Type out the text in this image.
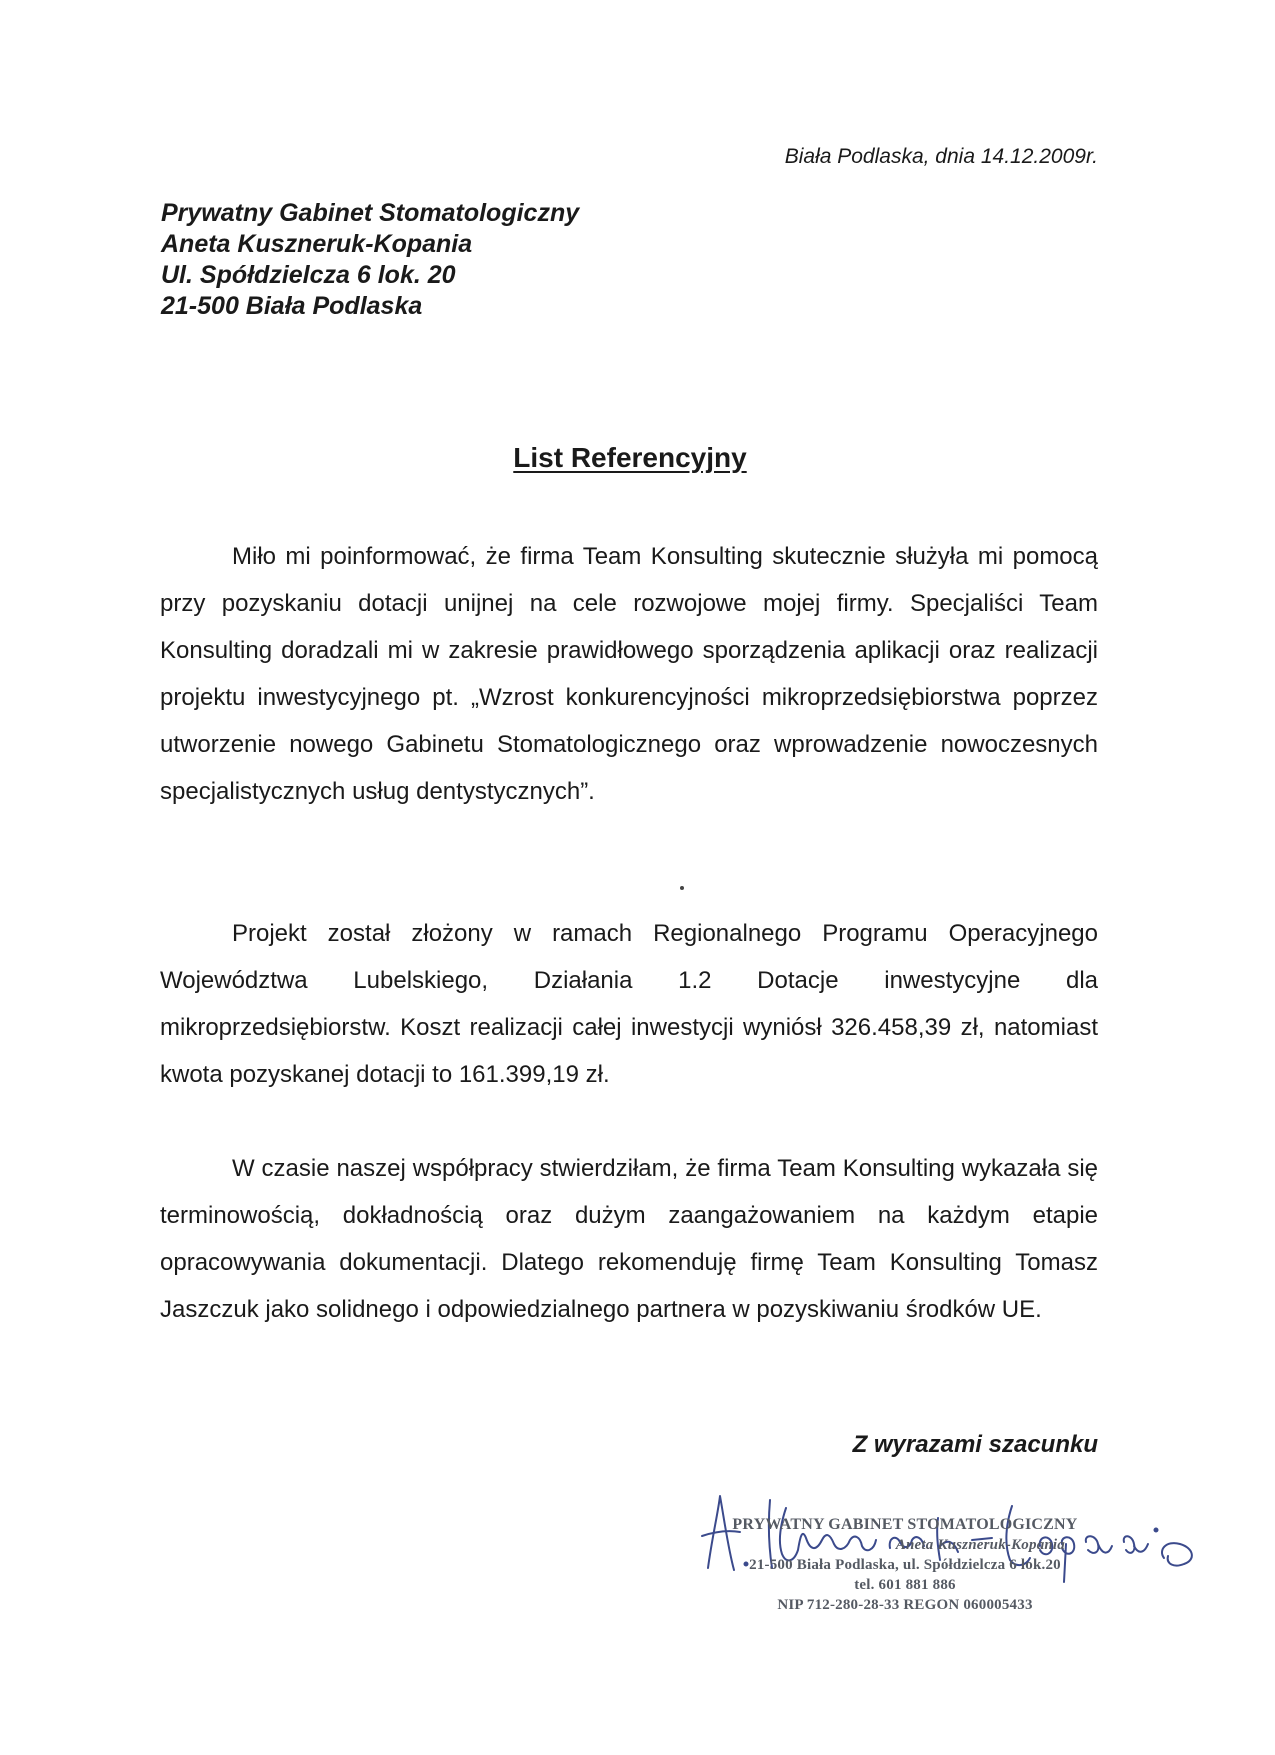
Biała Podlaska, dnia 14.12.2009r.
Prywatny Gabinet Stomatologiczny
Aneta Kuszneruk-Kopania
Ul. Spółdzielcza 6 lok. 20
21-500 Biała Podlaska
List Referencyjny

Miło mi poinformować, że firma Team Konsulting skutecznie służyła mi pomocą przy pozyskaniu dotacji unijnej na cele rozwojowe mojej firmy. Specjaliści Team Konsulting doradzali mi w zakresie prawidłowego sporządzenia aplikacji oraz realizacji projektu inwestycyjnego pt. „Wzrost konkurencyjności mikroprzedsiębiorstwa poprzez utworzenie nowego Gabinetu Stomatologicznego oraz wprowadzenie nowoczesnych specjalistycznych usług dentystycznych”.

Projekt został złożony w ramach Regionalnego Programu Operacyjnego Województwa Lubelskiego, Działania 1.2 Dotacje inwestycyjne dla mikroprzedsiębiorstw. Koszt realizacji całej inwestycji wyniósł 326.458,39 zł, natomiast kwota pozyskanej dotacji to 161.399,19 zł.

W czasie naszej współpracy stwierdziłam, że firma Team Konsulting wykazała się terminowością, dokładnością oraz dużym zaangażowaniem na każdym etapie opracowywania dokumentacji. Dlatego rekomenduję firmę Team Konsulting Tomasz Jaszczuk jako solidnego i odpowiedzialnego partnera w pozyskiwaniu środków UE.

Z wyrazami szacunku
PRYWATNY GABINET STOMATOLOGICZNY
Aneta Kuszneruk-Kopania
21-500 Biała Podlaska, ul. Spółdzielcza 6 lok.20
tel. 601 881 886
NIP 712-280-28-33 REGON 060005433
